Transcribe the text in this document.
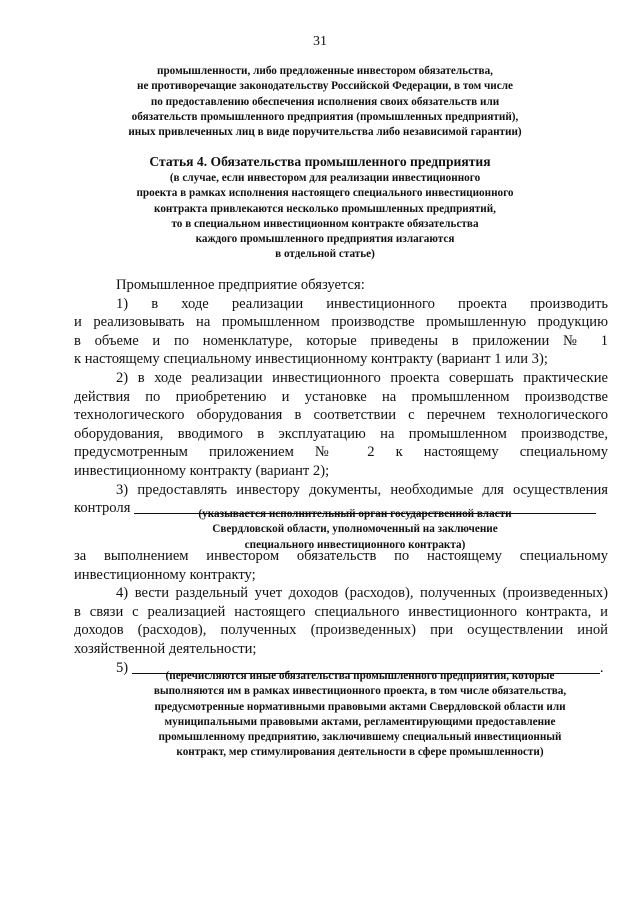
31
промышленности, либо предложенные инвестором обязательства,
не противоречащие законодательству Российской Федерации, в том числе
по предоставлению обеспечения исполнения своих обязательств или
обязательств промышленного предприятия (промышленных предприятий),
иных привлеченных лиц в виде поручительства либо независимой гарантии)
Статья 4. Обязательства промышленного предприятия
(в случае, если инвестором для реализации инвестиционного
проекта в рамках исполнения настоящего специального инвестиционного
контракта привлекаются несколько промышленных предприятий,
то в специальном инвестиционном контракте обязательства
каждого промышленного предприятия излагаются
в отдельной статье)
Промышленное предприятие обязуется:
1) в ходе реализации инвестиционного проекта производить
и реализовывать на промышленном производстве промышленную продукцию
в объеме и по номенклатуре, которые приведены в приложении № 1
к настоящему специальному инвестиционному контракту (вариант 1 или 3);
2) в ходе реализации инвестиционного проекта совершать практические
действия по приобретению и установке на промышленном производстве
технологического оборудования в соответствии с перечнем технологического
оборудования, вводимого в эксплуатацию на промышленном производстве,
предусмотренным приложением № 2 к настоящему специальному
инвестиционному контракту (вариант 2);
3) предоставлять инвестору документы, необходимые для осуществления
контроля	(указывается исполнительный орган государственной власти
Свердловской области, уполномоченный на заключение
специального инвестиционного контракта)
за выполнением инвестором обязательств по настоящему специальному
инвестиционному контракту;
4) вести раздельный учет доходов (расходов), полученных (произведенных)
в связи с реализацией настоящего специального инвестиционного контракта, и
доходов (расходов), полученных (произведенных) при осуществлении иной
хозяйственной деятельности;
5)	.
(перечисляются иные обязательства промышленного предприятия, которые
выполняются им в рамках инвестиционного проекта, в том числе обязательства,
предусмотренные нормативными правовыми актами Свердловской области или
муниципальными правовыми актами, регламентирующими предоставление
промышленному предприятию, заключившему специальный инвестиционный
контракт, мер стимулирования деятельности в сфере промышленности)
